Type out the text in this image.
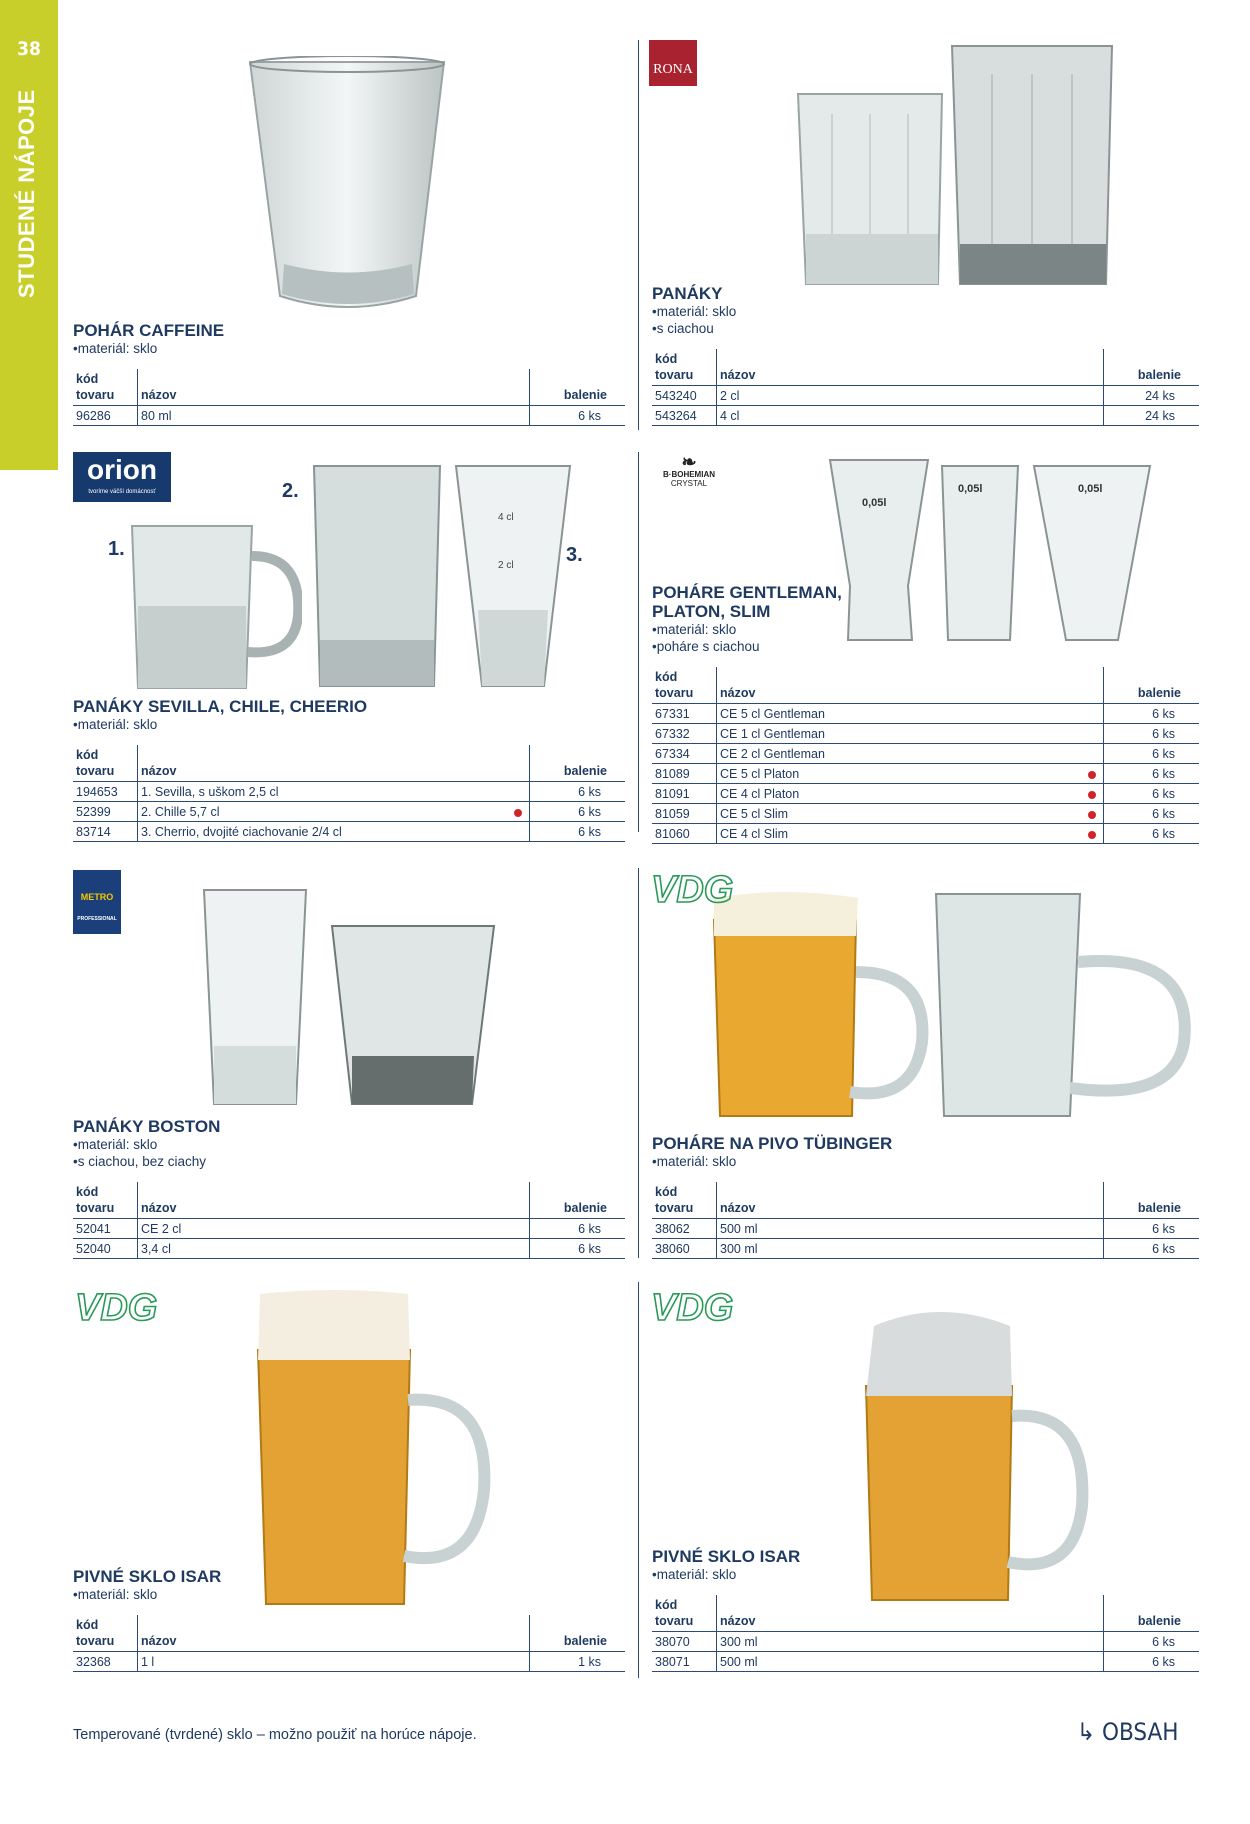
38
STUDENÉ NÁPOJE
4 cl
2 cl
0,05l
0,05l	0,05l
orion
tvoríme väčší domácnosť
RONA
METRO
PROFESSIONAL
❧
B·BOHEMIAN
CRYSTAL
VDG
VDG	VDG
1.
2.
3.
POHÁR CAFFEINE
• materiál: sklo
kód
tovaru	názov	balenie
96286	80 ml	6 ks
PANÁKY
• materiál: sklo
• s ciachou
kód
tovaru	názov	balenie
543240	2 cl	24 ks
543264	4 cl	24 ks
PANÁKY SEVILLA, CHILE, CHEERIO
• materiál: sklo
kód
tovaru	názov	balenie
194653	1. Sevilla, s uškom 2,5 cl	6 ks
52399	2. Chille 5,7 cl	6 ks
83714	3. Cherrio, dvojité ciachovanie 2/4 cl	6 ks
POHÁRE GENTLEMAN,
PLATON, SLIM
• materiál: sklo
• poháre s ciachou
kód
tovaru	názov	balenie
67331	CE 5 cl Gentleman	6 ks
67332	CE 1 cl Gentleman	6 ks
67334	CE 2 cl Gentleman	6 ks
81089	CE 5 cl Platon	6 ks
81091	CE 4 cl Platon	6 ks
81059	CE 5 cl Slim	6 ks
81060	CE 4 cl Slim	6 ks
PANÁKY BOSTON
• materiál: sklo
• s ciachou, bez ciachy
kód
tovaru	názov	balenie
52041	CE 2 cl	6 ks
52040	3,4 cl	6 ks
POHÁRE NA PIVO TÜBINGER
• materiál: sklo
kód
tovaru	názov	balenie
38062	500 ml	6 ks
38060	300 ml	6 ks
PIVNÉ SKLO ISAR
• materiál: sklo
kód
tovaru	názov	balenie
32368	1 l	1 ks
PIVNÉ SKLO ISAR
• materiál: sklo
kód
tovaru	názov	balenie
38070	300 ml	6 ks
38071	500 ml	6 ks
Temperované (tvrdené) sklo – možno použiť na horúce nápoje.	↳ OBSAH
